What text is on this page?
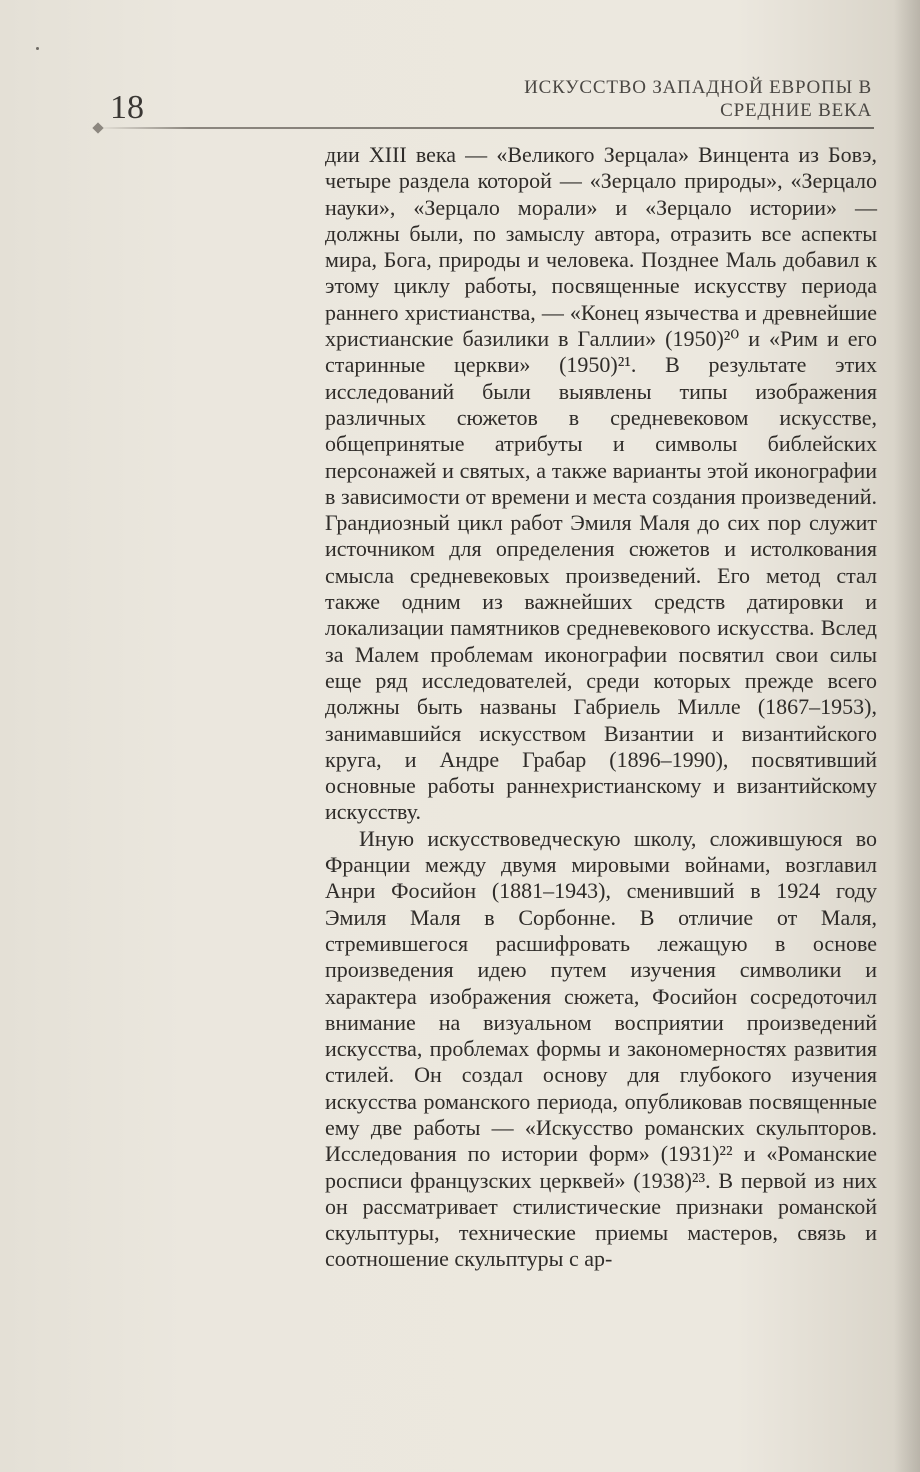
18
ИСКУССТВО ЗАПАДНОЙ ЕВРОПЫ В СРЕДНИЕ ВЕКА

дии XIII века — «Великого Зерцала» Винцента из Бовэ, четыре раздела которой — «Зерцало природы», «Зерцало науки», «Зерцало морали» и «Зерцало истории» — должны были, по замыслу автора, отразить все аспекты мира, Бога, природы и человека. Позднее Маль добавил к этому циклу работы, посвященные искусству периода раннего христианства, — «Конец язычества и древнейшие христианские базилики в Галлии» (1950)²⁰ и «Рим и его старинные церкви» (1950)²¹. В результате этих исследований были выявлены типы изображения различных сюжетов в средневековом искусстве, общепринятые атрибуты и символы библейских персонажей и святых, а также варианты этой иконографии в зависимости от времени и места создания произведений. Грандиозный цикл работ Эмиля Маля до сих пор служит источником для определения сюжетов и истолкования смысла средневековых произведений. Его метод стал также одним из важнейших средств датировки и локализации памятников средневекового искусства. Вслед за Малем проблемам иконографии посвятил свои силы еще ряд исследователей, среди которых прежде всего должны быть названы Габриель Милле (1867–1953), занимавшийся искусством Византии и византийского круга, и Андре Грабар (1896–1990), посвятивший основные работы раннехристианскому и византийскому искусству.

Иную искусствоведческую школу, сложившуюся во Франции между двумя мировыми войнами, возглавил Анри Фосийон (1881–1943), сменивший в 1924 году Эмиля Маля в Сорбонне. В отличие от Маля, стремившегося расшифровать лежащую в основе произведения идею путем изучения символики и характера изображения сюжета, Фосийон сосредоточил внимание на визуальном восприятии произведений искусства, проблемах формы и закономерностях развития стилей. Он создал основу для глубокого изучения искусства романского периода, опубликовав посвященные ему две работы — «Искусство романских скульпторов. Исследования по истории форм» (1931)²² и «Романские росписи французских церквей» (1938)²³. В первой из них он рассматривает стилистические признаки романской скульптуры, технические приемы мастеров, связь и соотношение скульптуры с ар-
